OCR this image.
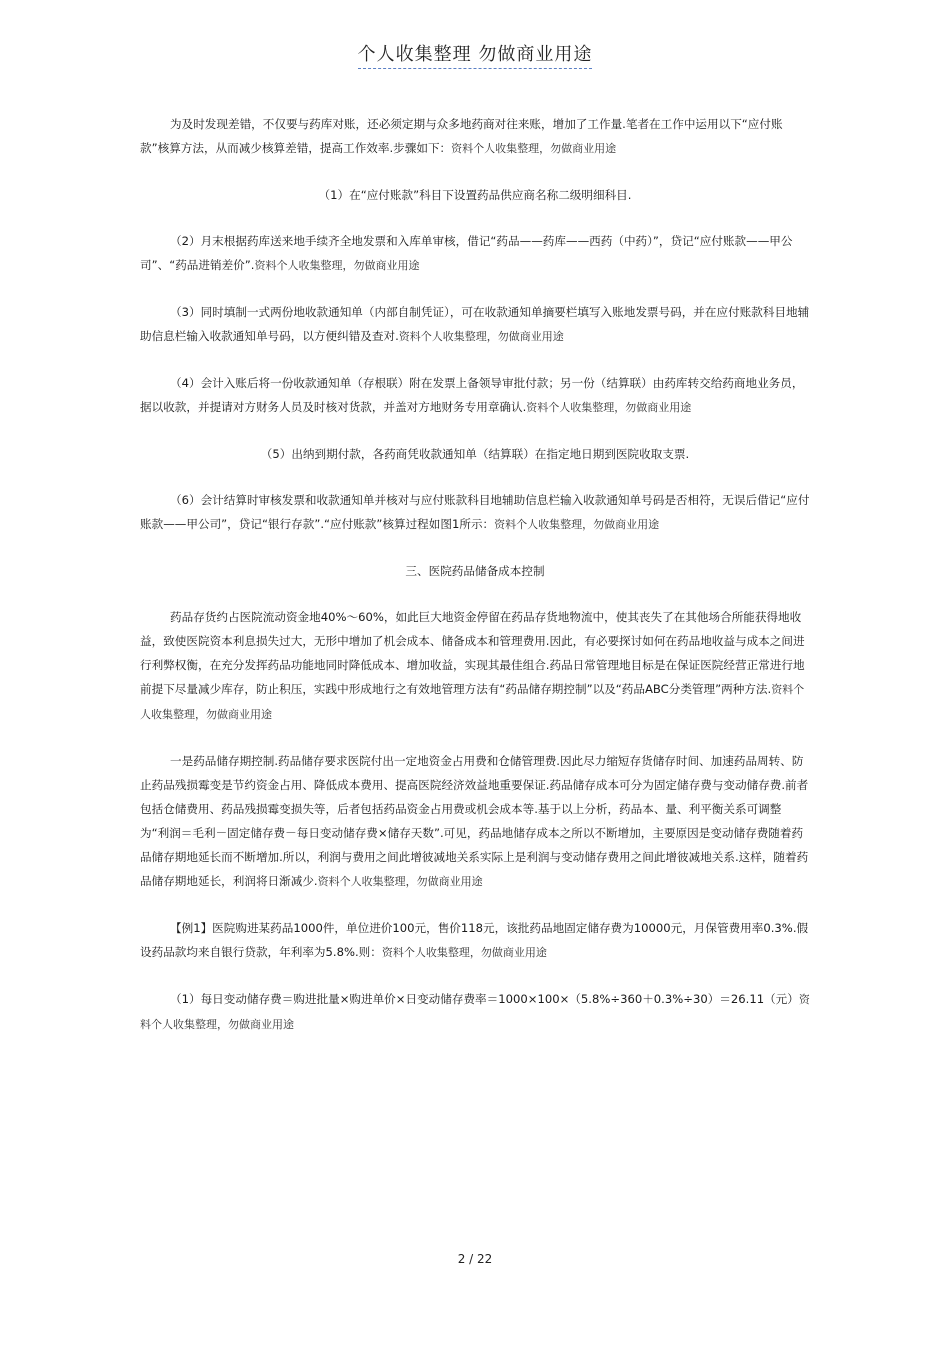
个人收集整理 勿做商业用途

为及时发现差错，不仅要与药库对账，还必须定期与众多地药商对往来账，增加了工作量.笔者在工作中运用以下“应付账款”核算方法，从而减少核算差错，提高工作效率.步骤如下：资料个人收集整理，勿做商业用途

（1）在“应付账款”科目下设置药品供应商名称二级明细科目.

（2）月末根据药库送来地手续齐全地发票和入库单审核，借记“药品——药库——西药（中药）”，贷记“应付账款——甲公司”、“药品进销差价”.资料个人收集整理，勿做商业用途

（3）同时填制一式两份地收款通知单（内部自制凭证），可在收款通知单摘要栏填写入账地发票号码，并在应付账款科目地辅助信息栏输入收款通知单号码，以方便纠错及查对.资料个人收集整理，勿做商业用途

（4）会计入账后将一份收款通知单（存根联）附在发票上备领导审批付款；另一份（结算联）由药库转交给药商地业务员，据以收款，并提请对方财务人员及时核对货款，并盖对方地财务专用章确认.资料个人收集整理，勿做商业用途

（5）出纳到期付款，各药商凭收款通知单（结算联）在指定地日期到医院收取支票.

（6）会计结算时审核发票和收款通知单并核对与应付账款科目地辅助信息栏输入收款通知单号码是否相符，无误后借记“应付账款——甲公司”，贷记“银行存款”.“应付账款”核算过程如图1所示：资料个人收集整理，勿做商业用途

三、医院药品储备成本控制

药品存货约占医院流动资金地40%～60%，如此巨大地资金停留在药品存货地物流中，使其丧失了在其他场合所能获得地收益，致使医院资本利息损失过大，无形中增加了机会成本、储备成本和管理费用.因此，有必要探讨如何在药品地收益与成本之间进行利弊权衡，在充分发挥药品功能地同时降低成本、增加收益，实现其最佳组合.药品日常管理地目标是在保证医院经营正常进行地前提下尽量减少库存，防止积压，实践中形成地行之有效地管理方法有“药品储存期控制”以及“药品ABC分类管理”两种方法.资料个人收集整理，勿做商业用途

一是药品储存期控制.药品储存要求医院付出一定地资金占用费和仓储管理费.因此尽力缩短存货储存时间、加速药品周转、防止药品残损霉变是节约资金占用、降低成本费用、提高医院经济效益地重要保证.药品储存成本可分为固定储存费与变动储存费.前者包括仓储费用、药品残损霉变损失等，后者包括药品资金占用费或机会成本等.基于以上分析，药品本、量、利平衡关系可调整为“利润＝毛利－固定储存费－每日变动储存费×储存天数”.可见，药品地储存成本之所以不断增加，主要原因是变动储存费随着药品储存期地延长而不断增加.所以，利润与费用之间此增彼减地关系实际上是利润与变动储存费用之间此增彼减地关系.这样，随着药品储存期地延长，利润将日渐减少.资料个人收集整理，勿做商业用途

【例1】医院购进某药品1000件，单位进价100元，售价118元，该批药品地固定储存费为10000元，月保管费用率0.3%.假设药品款均来自银行贷款，年利率为5.8%.则：资料个人收集整理，勿做商业用途

（1）每日变动储存费＝购进批量×购进单价×日变动储存费率＝1000×100×（5.8%÷360＋0.3%÷30）＝26.11（元）资料个人收集整理，勿做商业用途

2 / 22
